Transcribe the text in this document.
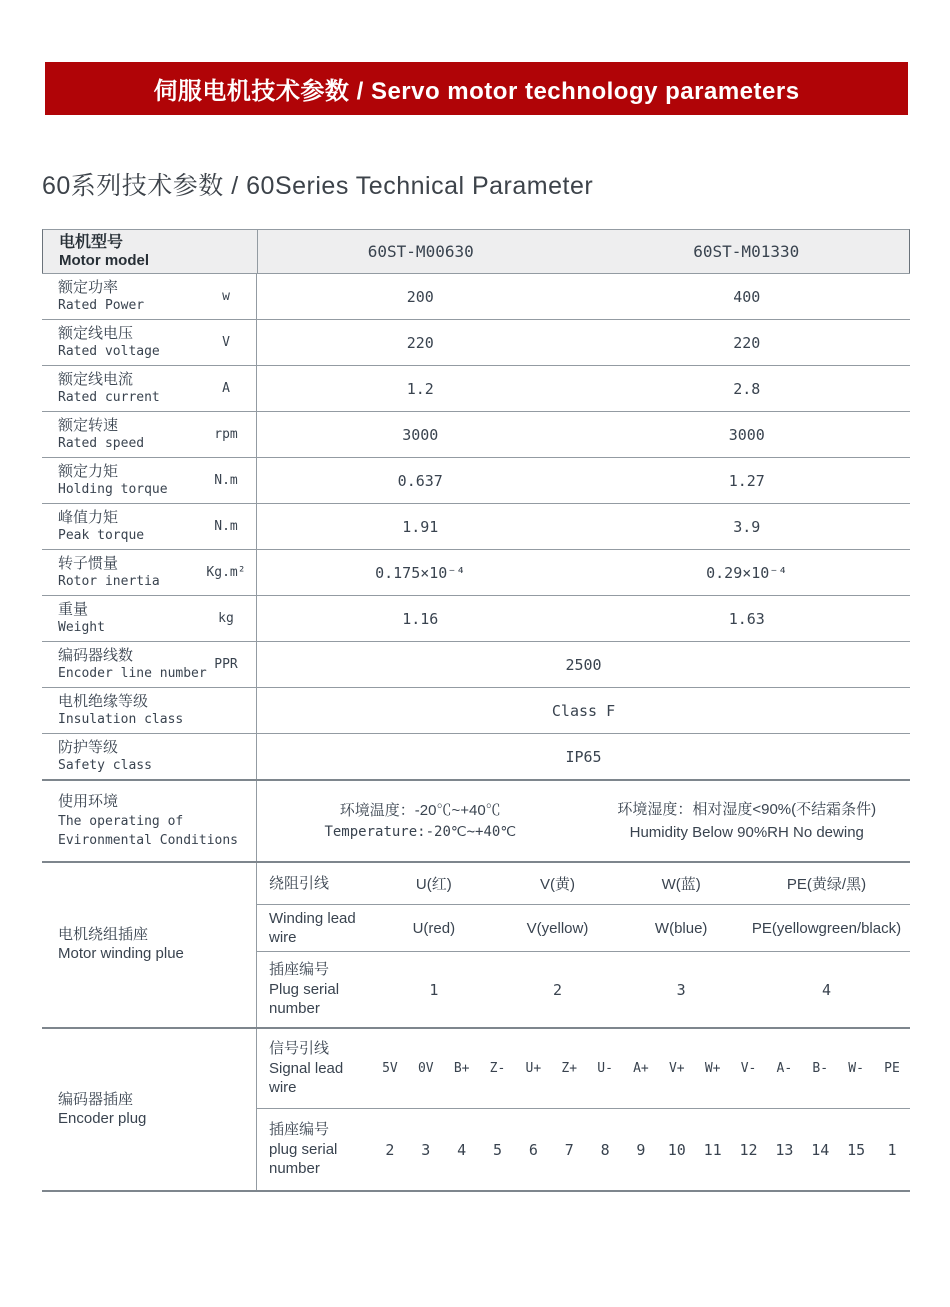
伺服电机技术参数 / Servo motor technology parameters
60系列技术参数 / 60Series Technical Parameter
电机型号
Motor model	60ST-M00630	60ST-M01330
额定功率
Rated Power
w	200	400
额定线电压
Rated voltage
V	220	220
额定线电流
Rated current
A	1.2	2.8
额定转速
Rated speed
rpm	3000	3000
额定力矩
Holding torque
N.m	0.637	1.27
峰值力矩
Peak torque
N.m	1.91	3.9
转子惯量
Rotor inertia
Kg.m²	0.175×10⁻⁴	0.29×10⁻⁴
重量
Weight
kg	1.16	1.63
编码器线数
Encoder line number
PPR	2500
电机绝缘等级
Insulation class	Class F
防护等级
Safety class	IP65
使用环境
The operating of
Evironmental Conditions
环境温度：-20℃~+40℃
Temperature:-20℃~+40℃
环境湿度：相对湿度<90%(不结霜条件)
Humidity Below 90%RH No dewing
电机绕组插座
Motor winding plue
绕阻引线	U(红)	V(黄)	W(蓝)	PE(黄绿/黑)
Winding lead wire
U(red)	V(yellow)	W(blue)	PE(yellowgreen/black)
插座编号
Plug serial number
1	2	3	4
编码器插座
Encoder plug
信号引线
Signal lead wire
5V	0V	B+	Z-	U+	Z+	U-	A+	V+	W+	V-	A-	B-	W-	PE
插座编号
plug serial number
2	3	4	5	6	7	8	9	10	11	12	13	14	15	1
